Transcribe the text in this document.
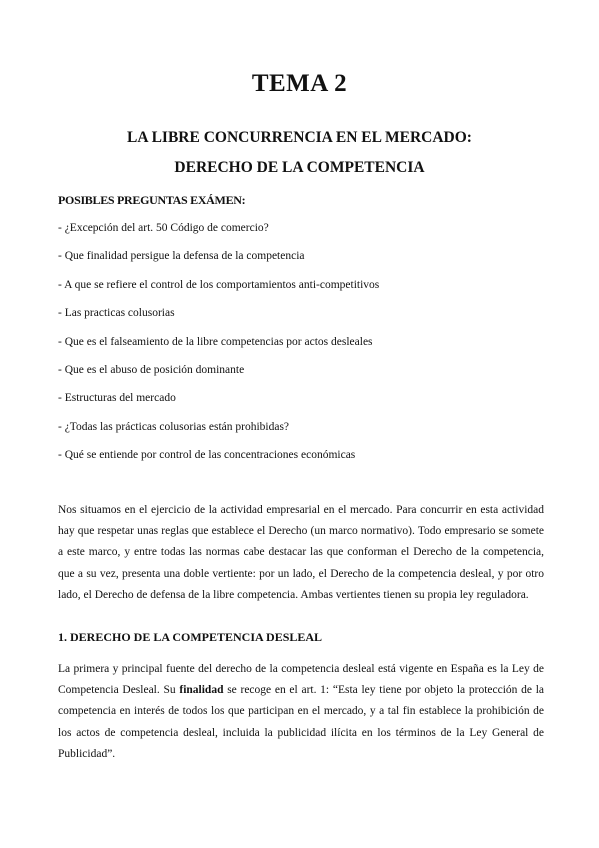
TEMA 2
LA LIBRE CONCURRENCIA EN EL MERCADO:
DERECHO DE LA COMPETENCIA
POSIBLES PREGUNTAS EXÁMEN:
- ¿Excepción del art. 50 Código de comercio?
- Que finalidad persigue la defensa de la competencia
- A que se refiere el control de los comportamientos anti-competitivos
- Las practicas colusorias
- Que es el falseamiento de la libre competencias por actos desleales
- Que es el abuso de posición dominante
- Estructuras del mercado
- ¿Todas las prácticas colusorias están prohibidas?
- Qué se entiende por control de las concentraciones económicas
Nos situamos en el ejercicio de la actividad empresarial en el mercado. Para concurrir en esta actividad hay que respetar unas reglas que establece el Derecho (un marco normativo). Todo empresario se somete a este marco, y entre todas las normas cabe destacar las que conforman el Derecho de la competencia, que a su vez, presenta una doble vertiente: por un lado, el Derecho de la competencia desleal, y por otro lado, el Derecho de defensa de la libre competencia. Ambas vertientes tienen su propia ley reguladora.
1. DERECHO DE LA COMPETENCIA DESLEAL
La primera y principal fuente del derecho de la competencia desleal está vigente en España es la Ley de Competencia Desleal. Su finalidad se recoge en el art. 1: “Esta ley tiene por objeto la protección de la competencia en interés de todos los que participan en el mercado, y a tal fin establece la prohibición de los actos de competencia desleal, incluida la publicidad ilícita en los términos de la Ley General de Publicidad”.
